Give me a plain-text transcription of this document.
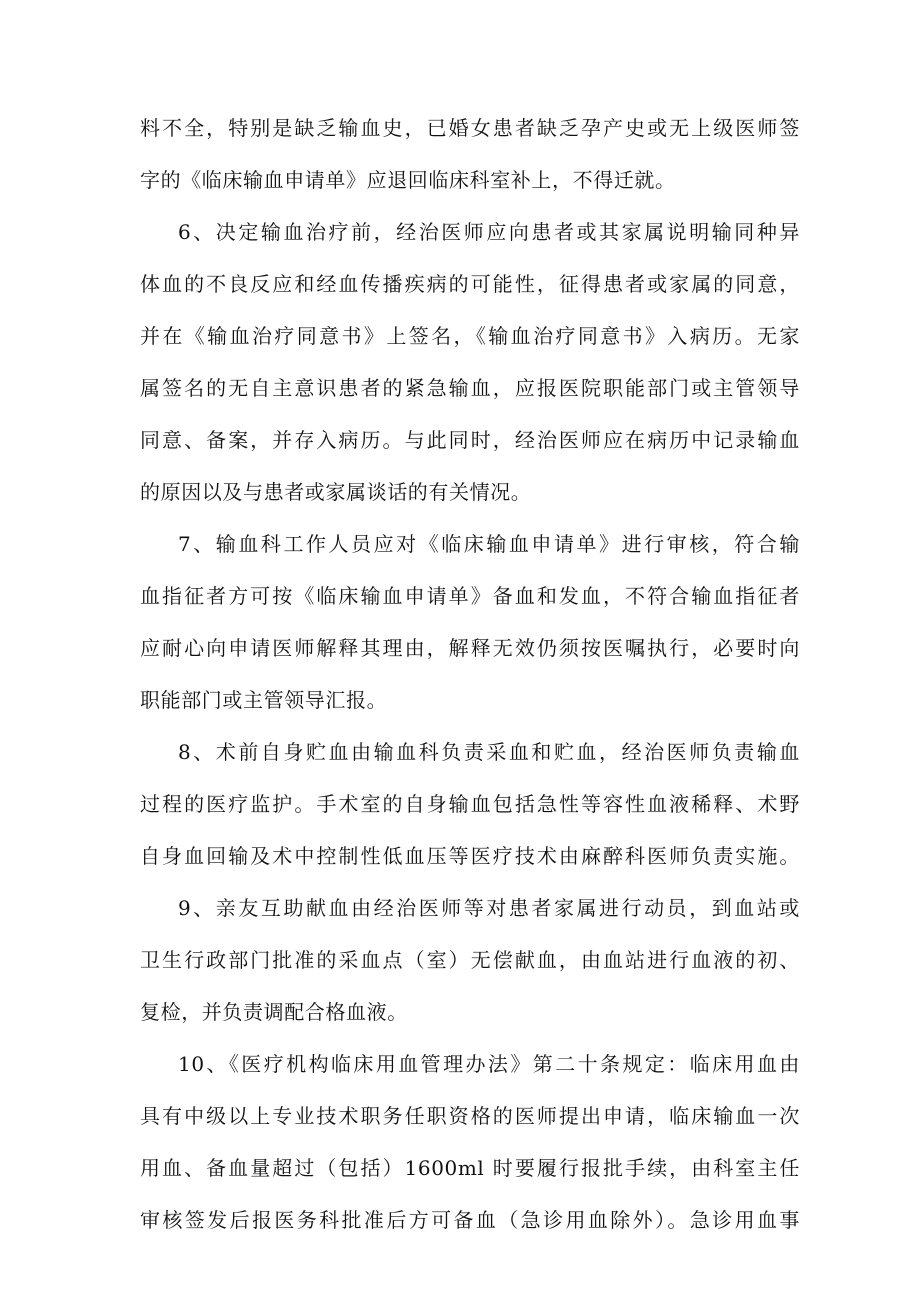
料不全，特别是缺乏输血史，已婚女患者缺乏孕产史或无上级医师签
字的《临床输血申请单》应退回临床科室补上，不得迁就。
6、决定输血治疗前，经治医师应向患者或其家属说明输同种异
体血的不良反应和经血传播疾病的可能性，征得患者或家属的同意，
并在《输血治疗同意书》上签名，《输血治疗同意书》入病历。无家
属签名的无自主意识患者的紧急输血，应报医院职能部门或主管领导
同意、备案，并存入病历。与此同时，经治医师应在病历中记录输血
的原因以及与患者或家属谈话的有关情况。
7、输血科工作人员应对《临床输血申请单》进行审核，符合输
血指征者方可按《临床输血申请单》备血和发血，不符合输血指征者
应耐心向申请医师解释其理由，解释无效仍须按医嘱执行，必要时向
职能部门或主管领导汇报。
8、术前自身贮血由输血科负责采血和贮血，经治医师负责输血
过程的医疗监护。手术室的自身输血包括急性等容性血液稀释、术野
自身血回输及术中控制性低血压等医疗技术由麻醉科医师负责实施。
9、亲友互助献血由经治医师等对患者家属进行动员，到血站或
卫生行政部门批准的采血点（室）无偿献血，由血站进行血液的初、
复检，并负责调配合格血液。
10、《医疗机构临床用血管理办法》第二十条规定：临床用血由
具有中级以上专业技术职务任职资格的医师提出申请，临床输血一次
用血、备血量超过（包括）1600ml 时要履行报批手续，由科室主任
审核签发后报医务科批准后方可备血（急诊用血除外）。急诊用血事
